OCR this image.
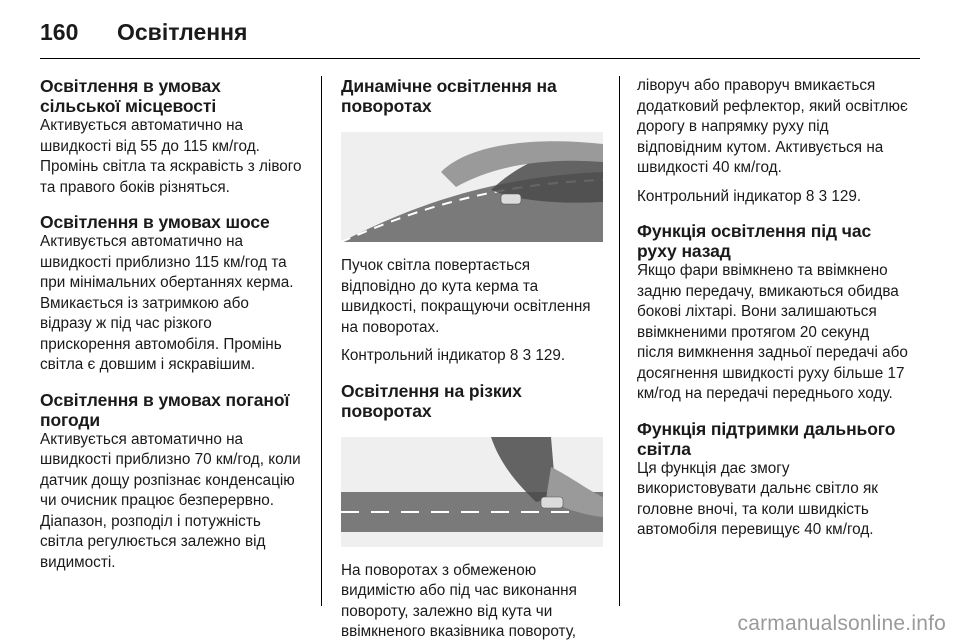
160	Освітлення
Освітлення в умовах сільської місцевості

Активується автоматично на швидкості від 55 до 115 км/год. Промінь світла та яскравість з лівого та правого боків різняться.

Освітлення в умовах шосе

Активується автоматично на швидкості приблизно 115 км/год та при мінімальних обертаннях керма. Вмикається із затримкою або відразу ж під час різкого прискорення автомобіля. Промінь світла є довшим і яскравішим.

Освітлення в умовах поганої погоди

Активується автоматично на швидкості приблизно 70 км/год, коли датчик дощу розпізнає конденсацію чи очисник працює безперервно. Діапазон, розподіл і потужність світла регулюється залежно від видимості.

Динамічне освітлення на поворотах

Пучок світла повертається відповідно до кута керма та швидкості, покращуючи освітлення на поворотах.

Контрольний індикатор 8 3 129.

Освітлення на різких поворотах

На поворотах з обмеженою видимістю або під час виконання повороту, залежно від кута чи ввімкненого вказівника повороту,

ліворуч або праворуч вмикається додатковий рефлектор, який освітлює дорогу в напрямку руху під відповідним кутом. Активується на швидкості 40 км/год.

Контрольний індикатор 8 3 129.

Функція освітлення під час руху назад

Якщо фари ввімкнено та ввімкнено задню передачу, вмикаються обидва бокові ліхтарі. Вони залишаються ввімкненими протягом 20 секунд після вимкнення задньої передачі або досягнення швидкості руху більше 17 км/год на передачі переднього ходу.

Функція підтримки дальнього світла

Ця функція дає змогу використовувати дальнє світло як головне вночі, та коли швидкість автомобіля перевищує 40 км/год.

carmanualsonline.info
